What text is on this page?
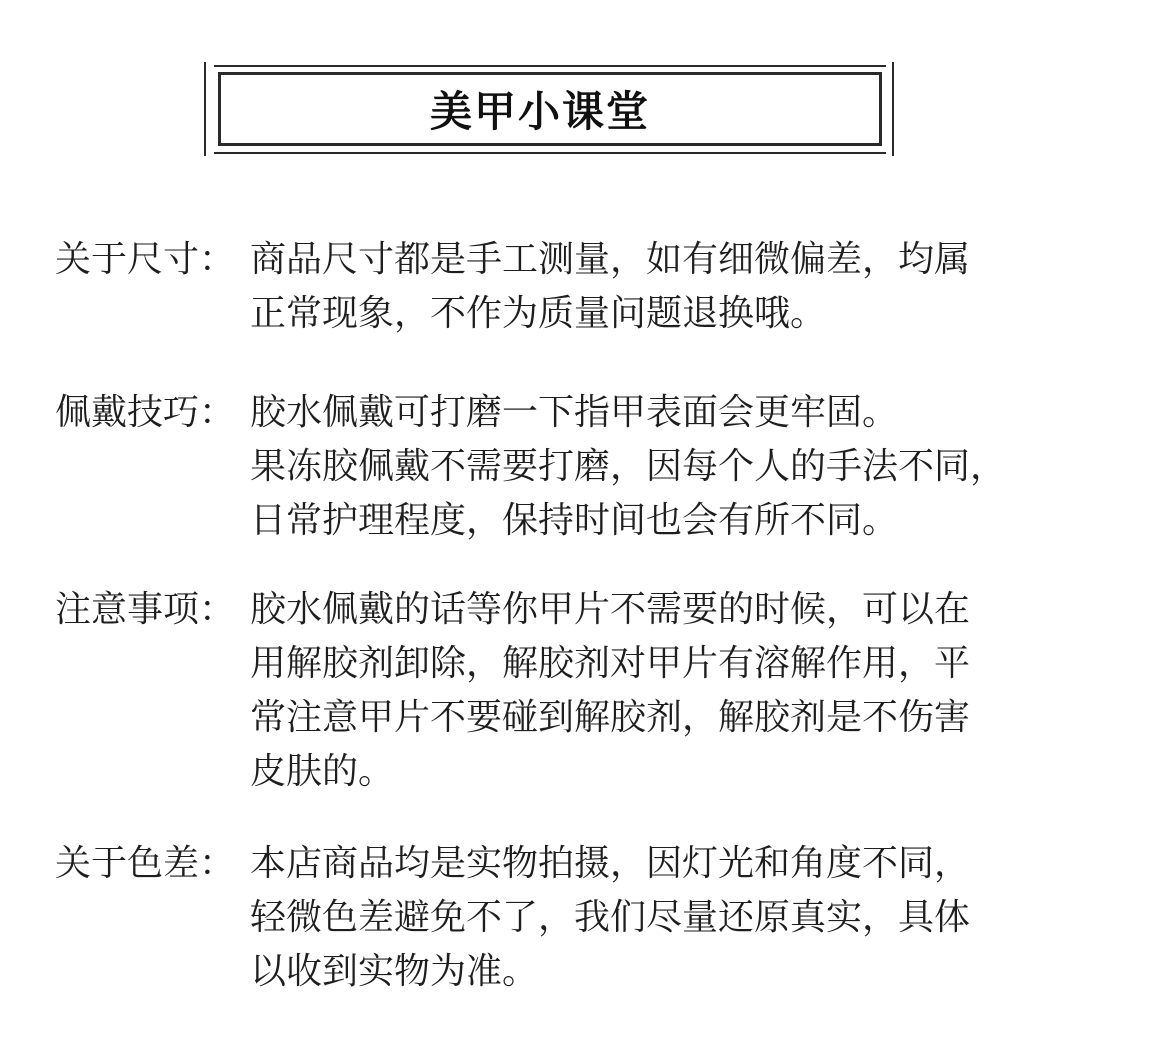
美甲小课堂
关于尺寸： 商品尺寸都是手工测量，如有细微偏差，均属
正常现象，不作为质量问题退换哦。
佩戴技巧： 胶水佩戴可打磨一下指甲表面会更牢固。
果冻胶佩戴不需要打磨，因每个人的手法不同，
日常护理程度，保持时间也会有所不同。
注意事项： 胶水佩戴的话等你甲片不需要的时候，可以在
用解胶剂卸除，解胶剂对甲片有溶解作用，平
常注意甲片不要碰到解胶剂，解胶剂是不伤害
皮肤的。
关于色差： 本店商品均是实物拍摄，因灯光和角度不同，
轻微色差避免不了，我们尽量还原真实，具体
以收到实物为准。
